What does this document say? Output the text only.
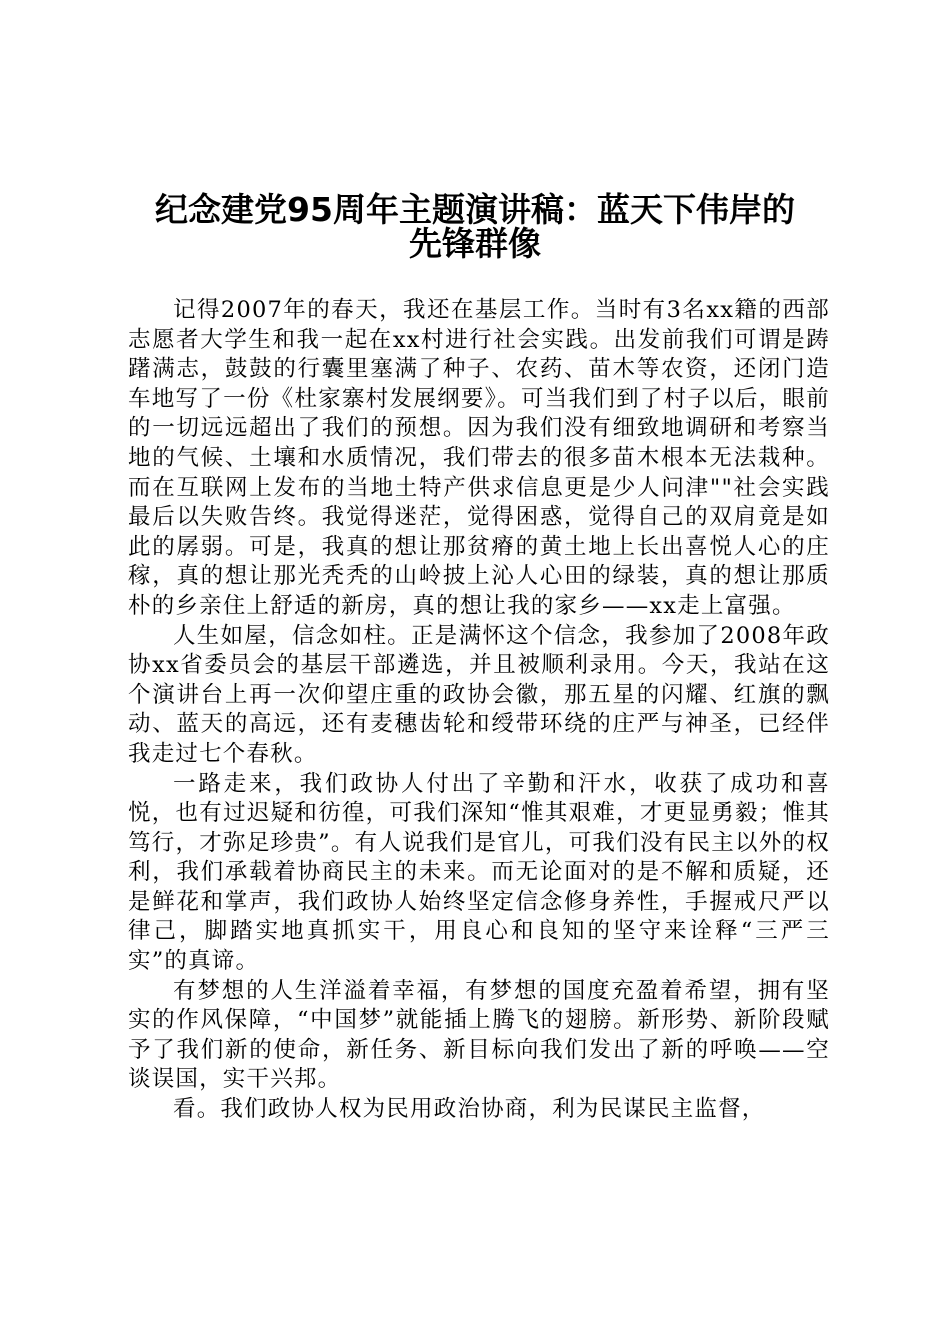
纪念建党95周年主题演讲稿：蓝天下伟岸的
先锋群像

记得2007年的春天，我还在基层工作。当时有3名xx籍的西部志愿者大学生和我一起在xx村进行社会实践。出发前我们可谓是踌躇满志，鼓鼓的行囊里塞满了种子、农药、苗木等农资，还闭门造车地写了一份《杜家寨村发展纲要》。可当我们到了村子以后，眼前的一切远远超出了我们的预想。因为我们没有细致地调研和考察当地的气候、土壤和水质情况，我们带去的很多苗木根本无法栽种。而在互联网上发布的当地土特产供求信息更是少人问津""社会实践最后以失败告终。我觉得迷茫，觉得困惑，觉得自己的双肩竟是如此的孱弱。可是，我真的想让那贫瘠的黄土地上长出喜悦人心的庄稼，真的想让那光秃秃的山岭披上沁人心田的绿装，真的想让那质朴的乡亲住上舒适的新房，真的想让我的家乡——xx走上富强。

人生如屋，信念如柱。正是满怀这个信念，我参加了2008年政协xx省委员会的基层干部遴选，并且被顺利录用。今天，我站在这个演讲台上再一次仰望庄重的政协会徽，那五星的闪耀、红旗的飘动、蓝天的高远，还有麦穗齿轮和绶带环绕的庄严与神圣，已经伴我走过七个春秋。

一路走来，我们政协人付出了辛勤和汗水，收获了成功和喜悦，也有过迟疑和彷徨，可我们深知“惟其艰难，才更显勇毅；惟其笃行，才弥足珍贵”。有人说我们是官儿，可我们没有民主以外的权利，我们承载着协商民主的未来。而无论面对的是不解和质疑，还是鲜花和掌声，我们政协人始终坚定信念修身养性，手握戒尺严以律己，脚踏实地真抓实干，用良心和良知的坚守来诠释“三严三实”的真谛。

有梦想的人生洋溢着幸福，有梦想的国度充盈着希望，拥有坚实的作风保障，“中国梦”就能插上腾飞的翅膀。新形势、新阶段赋予了我们新的使命，新任务、新目标向我们发出了新的呼唤——空谈误国，实干兴邦。

看。我们政协人权为民用政治协商，利为民谋民主监督，
